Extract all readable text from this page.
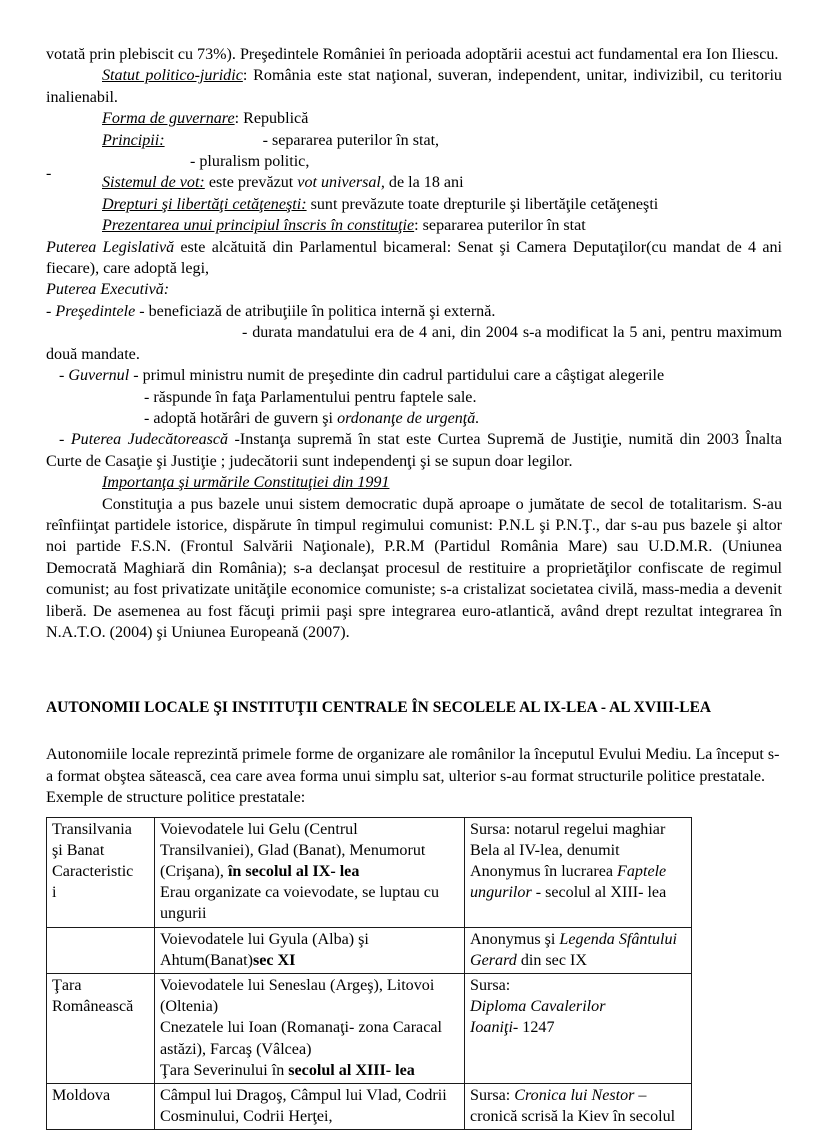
-

votată prin plebiscit cu 73%). Preşedintele României în perioada adoptării acestui act fundamental era Ion Iliescu.

Statut politico-juridic: România este stat naţional, suveran, independent, unitar, indivizibil, cu teritoriu inalienabil.

Forma de guvernare: Republică

Principii:	- separarea puterilor în stat,

- pluralism politic,

Sistemul de vot: este prevăzut vot universal, de la 18 ani

Drepturi şi libertăţi cetăţeneşti: sunt prevăzute toate drepturile şi libertăţile cetăţeneşti

Prezentarea unui principiul înscris în constituţie: separarea puterilor în stat

Puterea Legislativă este alcătuită din Parlamentul bicameral: Senat şi Camera Deputaţilor(cu mandat de 4 ani fiecare), care adoptă legi,

Puterea Executivă:

- Preşedintele - beneficiază de atribuţiile în politica internă şi externă.

- durata mandatului era de 4 ani, din 2004 s-a modificat la 5 ani, pentru maximum două mandate.

- Guvernul - primul ministru numit de preşedinte din cadrul partidului care a câştigat alegerile

- răspunde în faţa Parlamentului pentru faptele sale.

- adoptă hotărâri de guvern şi ordonanţe de urgenţă.

- Puterea Judecătorească -Instanţa supremă în stat este Curtea Supremă de Justiţie, numită din 2003 Înalta Curte de Casaţie şi Justiţie ; judecătorii sunt independenţi şi se supun doar legilor.

Importanţa şi urmările Constituţiei din 1991

Constituţia a pus bazele unui sistem democratic după aproape o jumătate de secol de totalitarism. S-au reînfiinţat partidele istorice, dispărute în timpul regimului comunist: P.N.L şi P.N.Ţ., dar s-au pus bazele şi altor noi partide F.S.N. (Frontul Salvării Naţionale), P.R.M (Partidul România Mare) sau U.D.M.R. (Uniunea Democrată Maghiară din România); s-a declanşat procesul de restituire a proprietăţilor confiscate de regimul comunist; au fost privatizate unităţile economice comuniste; s-a cristalizat societatea civilă, mass-media a devenit liberă. De asemenea au fost făcuţi primii paşi spre integrarea euro-atlantică, având drept rezultat integrarea în N.A.T.O. (2004) şi Uniunea Europeană (2007).

AUTONOMII LOCALE ŞI INSTITUŢII CENTRALE ÎN SECOLELE AL IX-LEA - AL XVIII-LEA

Autonomiile locale reprezintă primele forme de organizare ale românilor la începutul Evului Mediu. La început s-a format obştea sătească, cea care avea forma unui simplu sat, ulterior s-au format structurile politice prestatale. Exemple de structure politice prestatale:

Transilvania
şi Banat
Caracteristic
i	Voievodatele lui Gelu (Centrul
Transilvaniei), Glad (Banat), Menumorut
(Crişana), în secolul al IX- lea
Erau organizate ca voievodate, se luptau cu
ungurii	Sursa: notarul regelui maghiar
Bela al IV-lea, denumit
Anonymus în lucrarea Faptele
ungurilor - secolul al XIII- lea

	Voievodatele lui Gyula (Alba) şi
Ahtum(Banat)sec XI	Anonymus şi Legenda Sfântului
Gerard din sec IX

Ţara
Românească	Voievodatele lui Seneslau (Argeş), Litovoi
(Oltenia)
Cnezatele lui Ioan (Romanaţi- zona Caracal
astăzi), Farcaş (Vâlcea)
Ţara Severinului în secolul al XIII- lea	Sursa:
Diploma Cavalerilor
Ioaniţi- 1247

Moldova	Câmpul lui Dragoş, Câmpul lui Vlad, Codrii
Cosminului, Codrii Herţei,	Sursa: Cronica lui Nestor –
cronică scrisă la Kiev în secolul
